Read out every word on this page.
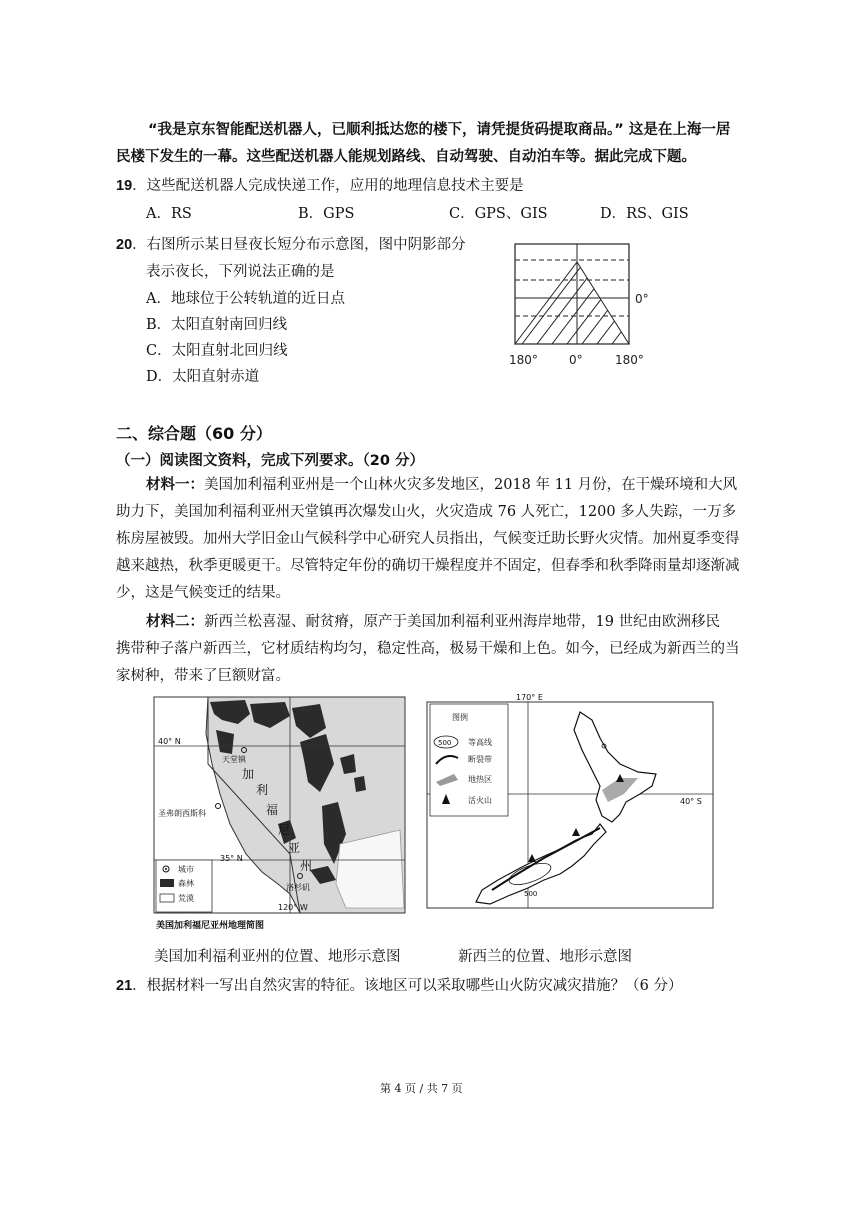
“我是京东智能配送机器人，已顺利抵达您的楼下，请凭提货码提取商品。” 这是在上海一居
民楼下发生的一幕。这些配送机器人能规划路线、自动驾驶、自动泊车等。据此完成下题。
19．这些配送机器人完成快递工作，应用的地理信息技术主要是
A．RS	B．GPS	C．GPS、GIS	D．RS、GIS
20．右图所示某日昼夜长短分布示意图，图中阴影部分
表示夜长，下列说法正确的是
A．地球位于公转轨道的近日点
B．太阳直射南回归线
C．太阳直射北回归线
D．太阳直射赤道
0°
180°	0°	180°
二、综合题（60 分）
（一）阅读图文资料，完成下列要求。（20 分）
材料一：美国加利福利亚州是一个山林火灾多发地区，2018 年 11 月份，在干燥环境和大风
助力下，美国加利福利亚州天堂镇再次爆发山火，火灾造成 76 人死亡，1200 多人失踪，一万多
栋房屋被毁。加州大学旧金山气候科学中心研究人员指出，气候变迁助长野火灾情。加州夏季变得
越来越热，秋季更暖更干。尽管特定年份的确切干燥程度并不固定，但春季和秋季降雨量却逐渐减
少，这是气候变迁的结果。
材料二：新西兰松喜湿、耐贫瘠，原产于美国加利福利亚州海岸地带，19 世纪由欧洲移民
携带种子落户新西兰，它材质结构均匀，稳定性高，极易干燥和上色。如今，已经成为新西兰的当
家树种，带来了巨额财富。
40° N
35° N
120° W
天堂镇
圣弗朗西斯科
洛杉矶
加
利
福
尼
亚
州
城市
森林
荒漠
美国加利福尼亚州地理简图
170° E
40° S
图例
500 等高线
断裂带
地热区
活火山
500
美国加利福利亚州的位置、地形示意图	新西兰的位置、地形示意图
21．根据材料一写出自然灾害的特征。该地区可以采取哪些山火防灾减灾措施？（6 分）
第 4 页 / 共 7 页
